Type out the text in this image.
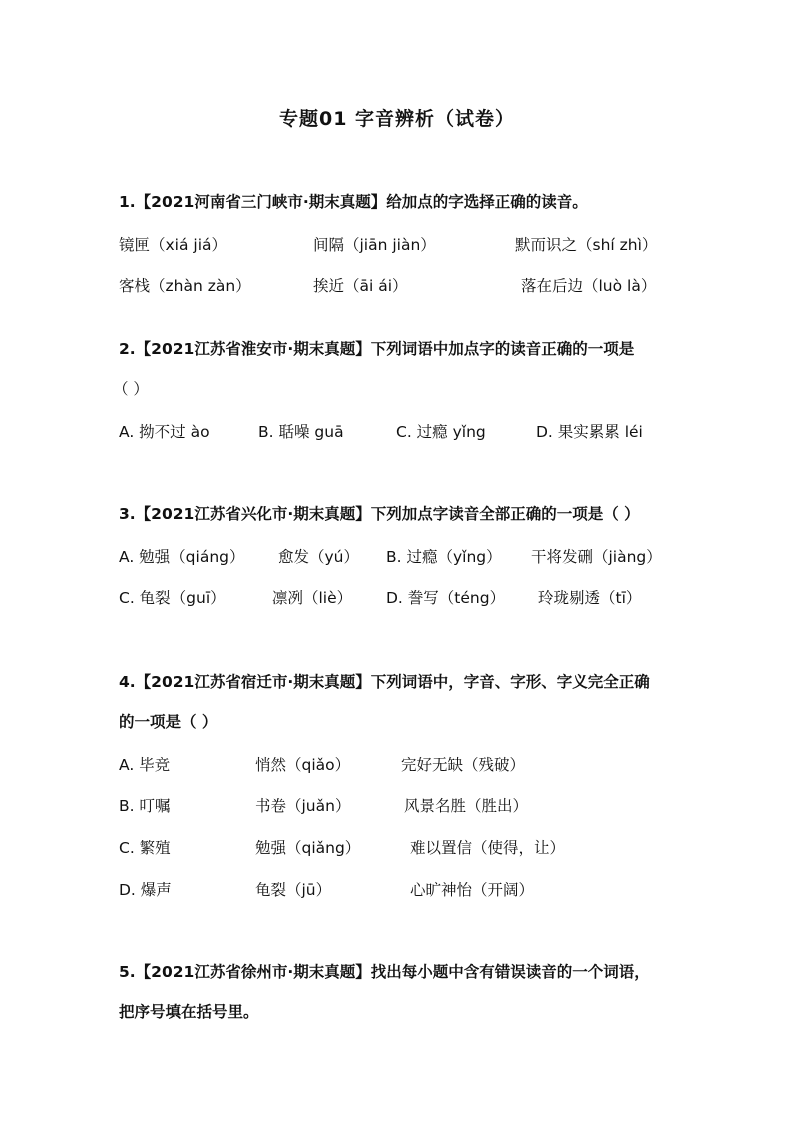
专题01 字音辨析（试卷）
1.【2021河南省三门峡市·期末真题】给加点的字选择正确的读音。
镜匣（xiá jiá）	间隔（jiān jiàn）	默而识之（shí zhì）
客栈（zhàn zàn）	挨近（āi ái）	落在后边（luò là）
2.【2021江苏省淮安市·期末真题】下列词语中加点字的读音正确的一项是
（ ）
A. 拗不过 ào	B. 聒噪 guā	C. 过瘾 yǐng	D. 果实累累 léi
3.【2021江苏省兴化市·期末真题】下列加点字读音全部正确的一项是（ ）
A. 勉强（qiáng） 愈发（yú） B. 过瘾（yǐng） 干将发硎（jiàng）
C. 龟裂（guī）	凛冽（liè） D. 誊写（téng） 玲珑剔透（tī）
4.【2021江苏省宿迁市·期末真题】下列词语中，字音、字形、字义完全正确
的一项是（ ）
A. 毕竞	悄然（qiǎo）	完好无缺（残破）
B. 叮嘱	书卷（juǎn）	风景名胜（胜出）
C. 繁殖	勉强（qiǎng）	难以置信（使得，让）
D. 爆声	龟裂（jū）	心旷神怡（开阔）
5.【2021江苏省徐州市·期末真题】找出每小题中含有错误读音的一个词语，
把序号填在括号里。
